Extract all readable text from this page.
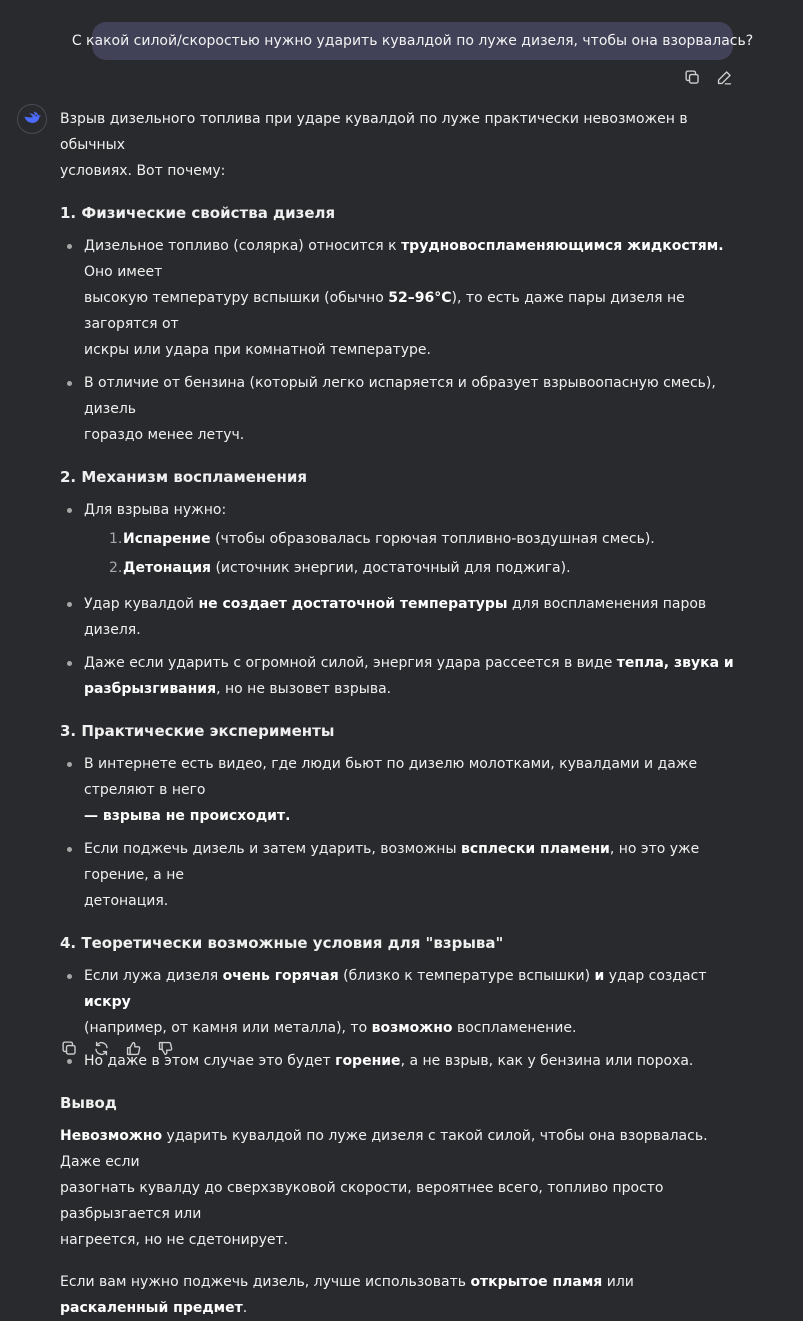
С какой силой/скоростью нужно ударить кувалдой по луже дизеля, чтобы она взорвалась?

Взрыв дизельного топлива при ударе кувалдой по луже практически невозможен в обычных
условиях. Вот почему:

1. Физические свойства дизеля
Дизельное топливо (солярка) относится к трудновоспламеняющимся жидкостям. Оно имеет
высокую температуру вспышки (обычно 52–96°C), то есть даже пары дизеля не загорятся от
искры или удара при комнатной температуре.
В отличие от бензина (который легко испаряется и образует взрывоопасную смесь), дизель
гораздо менее летуч.
2. Механизм воспламенения
Для взрыва нужно:
1. Испарение (чтобы образовалась горючая топливно-воздушная смесь).
2. Детонация (источник энергии, достаточный для поджига).
Удар кувалдой не создает достаточной температуры для воспламенения паров дизеля.
Даже если ударить с огромной силой, энергия удара рассеется в виде тепла, звука и
разбрызгивания, но не вызовет взрыва.
3. Практические эксперименты
В интернете есть видео, где люди бьют по дизелю молотками, кувалдами и даже стреляют в него
— взрыва не происходит.
Если поджечь дизель и затем ударить, возможны всплески пламени, но это уже горение, а не
детонация.
4. Теоретически возможные условия для "взрыва"
Если лужа дизеля очень горячая (близко к температуре вспышки) и удар создаст искру
(например, от камня или металла), то возможно воспламенение.
Но даже в этом случае это будет горение, а не взрыв, как у бензина или пороха.
Вывод

Невозможно ударить кувалдой по луже дизеля с такой силой, чтобы она взорвалась. Даже если
разогнать кувалду до сверхзвуковой скорости, вероятнее всего, топливо просто разбрызгается или
нагреется, но не сдетонирует.

Если вам нужно поджечь дизель, лучше использовать открытое пламя или раскаленный предмет.
